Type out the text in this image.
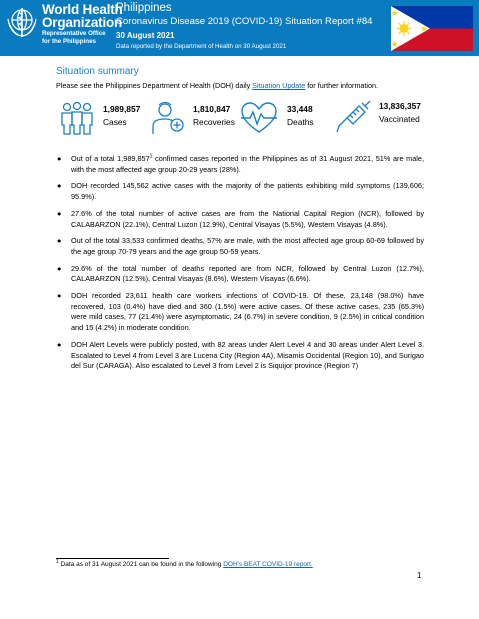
World Health
Organization
Representative Office
for the Philippines
Philippines
Coronavirus Disease 2019 (COVID-19) Situation Report #84
30 August 2021
Data reported by the Department of Health on 30 August 2021
Situation summary
Please see the Philippines Department of Health (DOH) daily Situation Update for further information.
1,989,857
Cases
1,810,847
Recoveries
33,448
Deaths
13,836,357
Vaccinated
● Out of a total 1,989,857$^1$ confirmed cases reported in the Philippines as of 31 August 2021, 51% are male, with the most affected age group 20-29 years (28%).
● DOH recorded 145,562 active cases with the majority of the patients exhibiting mild symptoms (139,606; 95.9%).
● 27.6% of the total number of active cases are from the National Capital Region (NCR), followed by CALABARZON (22.1%), Central Luzon (12.9%), Central Visayas (5.5%), Western Visayas (4.8%).
● Out of the total 33,533 confirmed deaths, 57% are male, with the most affected age group 60-69 followed by the age group 70-79 years and the age group 50-59 years.
● 29.6% of the total number of deaths reported are from NCR, followed by Central Luzon (12.7%), CALABARZON (12.5%), Central Visayas (8.6%), Western Visayas (6.6%).
● DOH recorded 23,611 health care workers infections of COVID-19. Of these, 23,148 (98.0%) have recovered, 103 (0.4%) have died and 360 (1.5%) were active cases. Of these active cases, 235 (65.3%) were mild cases, 77 (21.4%) were asymptomatic, 24 (6.7%) in severe condition, 9 (2.5%) in critical condition and 15 (4.2%) in moderate condition.
● DOH Alert Levels were publicly posted, with 82 areas under Alert Level 4 and 30 areas under Alert Level 3. Escalated to Level 4 from Level 3 are Lucena City (Region 4A), Misamis Occidental (Region 10), and Surigao del Sur (CARAGA). Also escalated to Level 3 from Level 2 is Siquijor province (Region 7)
$^1$ Data as of 31 August 2021 can be found in the following DOH's BEAT COVID-19 report.
1
